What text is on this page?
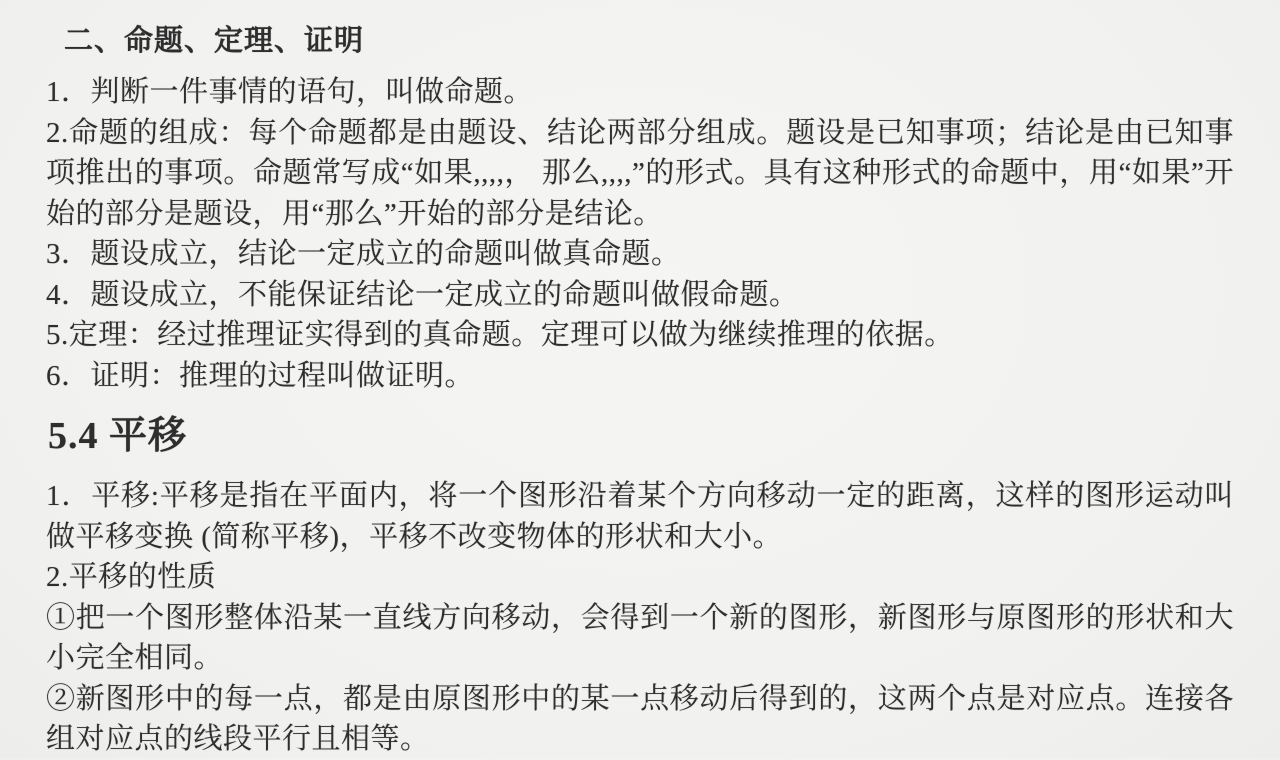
二、命题、定理、证明

1．判断一件事情的语句，叫做命题。

2.命题的组成：每个命题都是由题设、结论两部分组成。题设是已知事项；结论是由已知事项推出的事项。命题常写成“如果,,,,， 那么,,,,”的形式。具有这种形式的命题中，用“如果”开始的部分是题设，用“那么”开始的部分是结论。

3．题设成立，结论一定成立的命题叫做真命题。

4．题设成立，不能保证结论一定成立的命题叫做假命题。

5.定理：经过推理证实得到的真命题。定理可以做为继续推理的依据。

6．证明：推理的过程叫做证明。

5.4 平移

1．平移:平移是指在平面内，将一个图形沿着某个方向移动一定的距离，这样的图形运动叫做平移变换 (简称平移)，平移不改变物体的形状和大小。

2.平移的性质

①把一个图形整体沿某一直线方向移动，会得到一个新的图形，新图形与原图形的形状和大小完全相同。

②新图形中的每一点，都是由原图形中的某一点移动后得到的，这两个点是对应点。连接各组对应点的线段平行且相等。
